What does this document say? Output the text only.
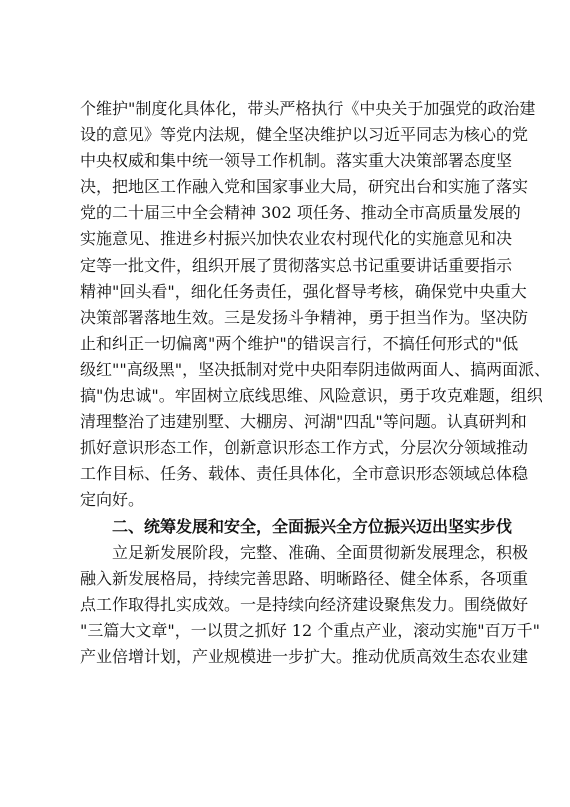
个维护"制度化具体化，带头严格执行《中央关于加强党的政治建
设的意见》等党内法规，健全坚决维护以习近平同志为核心的党
中央权威和集中统一领导工作机制。落实重大决策部署态度坚
决，把地区工作融入党和国家事业大局，研究出台和实施了落实
党的二十届三中全会精神 302 项任务、推动全市高质量发展的
实施意见、推进乡村振兴加快农业农村现代化的实施意见和决
定等一批文件，组织开展了贯彻落实总书记重要讲话重要指示
精神"回头看"，细化任务责任，强化督导考核，确保党中央重大
决策部署落地生效。三是发扬斗争精神，勇于担当作为。坚决防
止和纠正一切偏离"两个维护"的错误言行，不搞任何形式的"低
级红""高级黑"，坚决抵制对党中央阳奉阴违做两面人、搞两面派、
搞"伪忠诚"。牢固树立底线思维、风险意识，勇于攻克难题，组织
清理整治了违建别墅、大棚房、河湖"四乱"等问题。认真研判和
抓好意识形态工作，创新意识形态工作方式，分层次分领域推动
工作目标、任务、载体、责任具体化，全市意识形态领域总体稳
定向好。
二、统筹发展和安全，全面振兴全方位振兴迈出坚实步伐
立足新发展阶段，完整、准确、全面贯彻新发展理念，积极
融入新发展格局，持续完善思路、明晰路径、健全体系，各项重
点工作取得扎实成效。一是持续向经济建设聚焦发力。围绕做好
"三篇大文章"，一以贯之抓好 12 个重点产业，滚动实施"百万千"
产业倍增计划，产业规模进一步扩大。推动优质高效生态农业建
